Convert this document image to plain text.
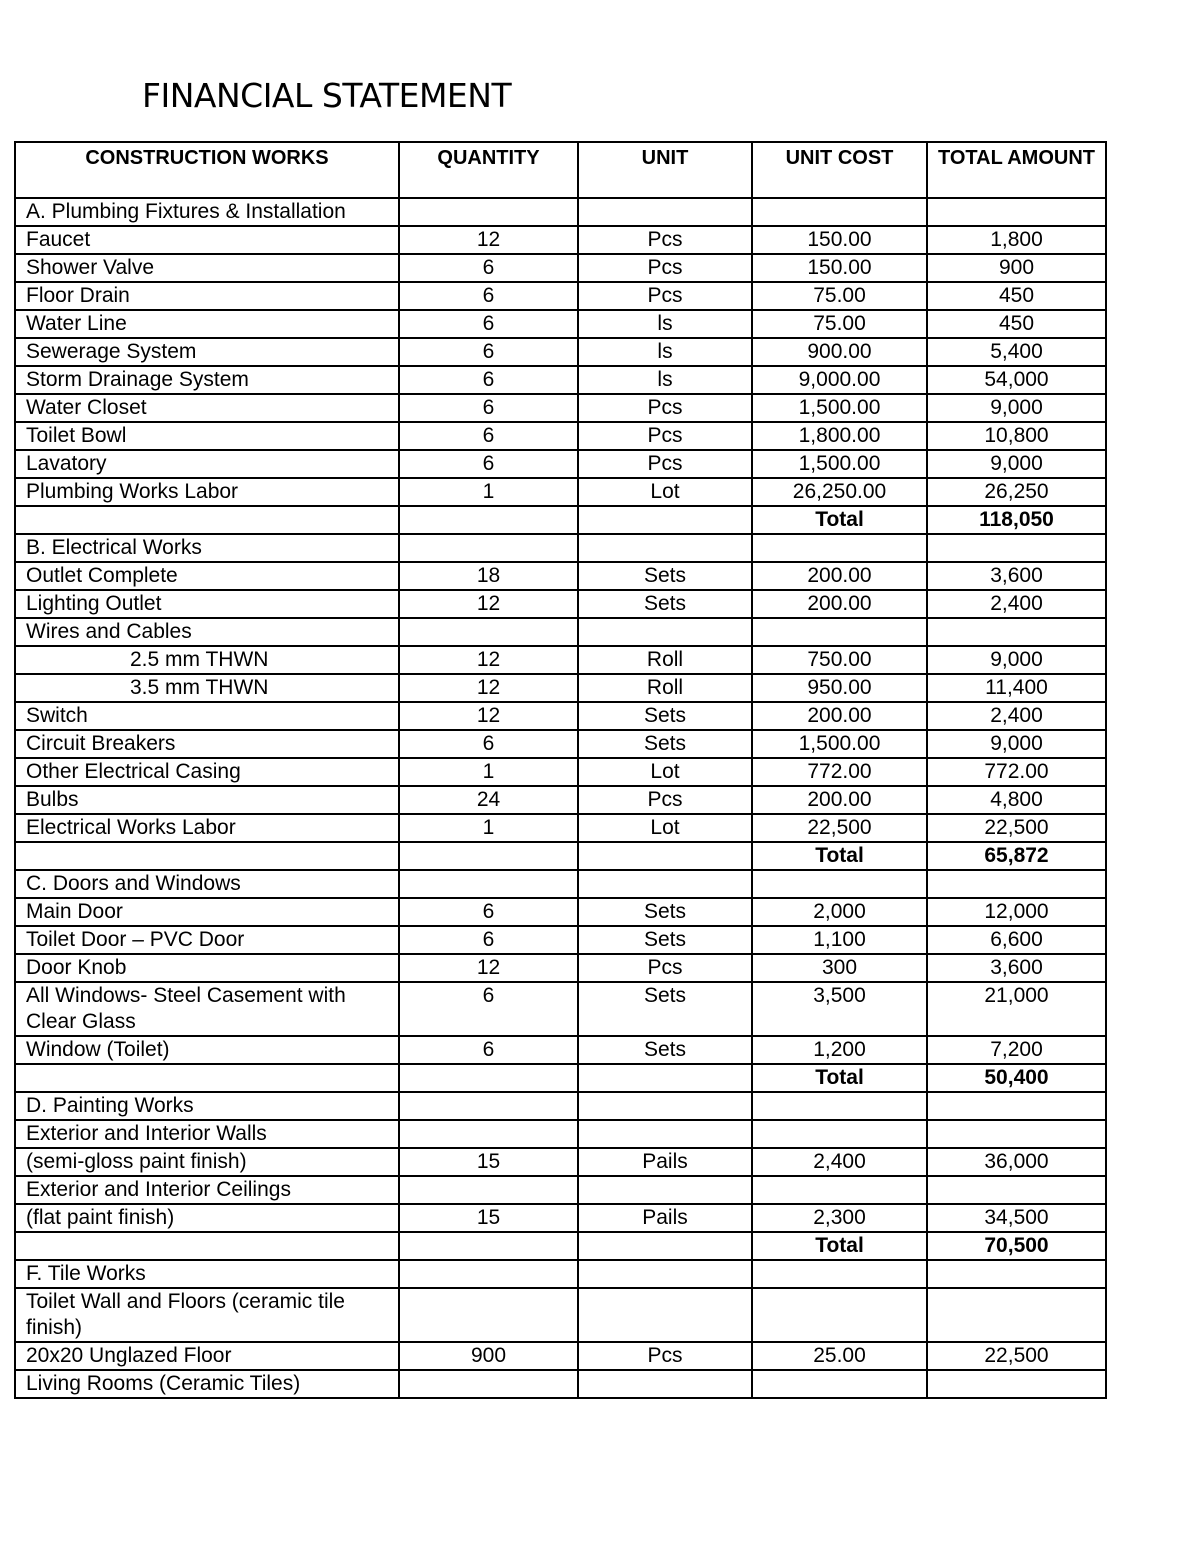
FINANCIAL STATEMENT
CONSTRUCTION WORKS	QUANTITY	UNIT	UNIT COST	TOTAL AMOUNT
A. Plumbing Fixtures & Installation				
Faucet	12	Pcs	150.00	1,800
Shower Valve	6	Pcs	150.00	900
Floor Drain	6	Pcs	75.00	450
Water Line	6	ls	75.00	450
Sewerage System	6	ls	900.00	5,400
Storm Drainage System	6	ls	9,000.00	54,000
Water Closet	6	Pcs	1,500.00	9,000
Toilet Bowl	6	Pcs	1,800.00	10,800
Lavatory	6	Pcs	1,500.00	9,000
Plumbing Works Labor	1	Lot	26,250.00	26,250
			Total	118,050
B. Electrical Works				
Outlet Complete	18	Sets	200.00	3,600
Lighting Outlet	12	Sets	200.00	2,400
Wires and Cables				
2.5 mm THWN	12	Roll	750.00	9,000
3.5 mm THWN	12	Roll	950.00	11,400
Switch	12	Sets	200.00	2,400
Circuit Breakers	6	Sets	1,500.00	9,000
Other Electrical Casing	1	Lot	772.00	772.00
Bulbs	24	Pcs	200.00	4,800
Electrical Works Labor	1	Lot	22,500	22,500
			Total	65,872
C. Doors and Windows				
Main Door	6	Sets	2,000	12,000
Toilet Door – PVC Door	6	Sets	1,100	6,600
Door Knob	12	Pcs	300	3,600
All Windows- Steel Casement with Clear Glass	6	Sets	3,500	21,000
Window (Toilet)	6	Sets	1,200	7,200
			Total	50,400
D. Painting Works				
Exterior and Interior Walls				
(semi-gloss paint finish)	15	Pails	2,400	36,000
Exterior and Interior Ceilings				
(flat paint finish)	15	Pails	2,300	34,500
			Total	70,500
F. Tile Works				
Toilet Wall and Floors (ceramic tile finish)				
20x20 Unglazed Floor	900	Pcs	25.00	22,500
Living Rooms (Ceramic Tiles)				
